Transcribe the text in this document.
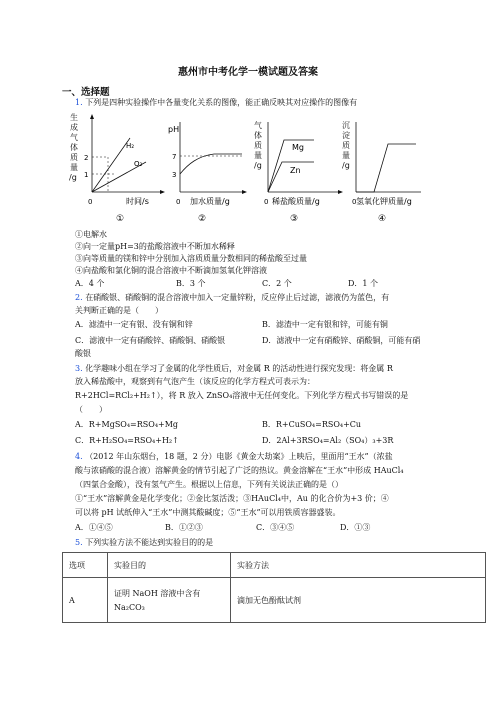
惠州市中考化学一模试题及答案
一、选择题
1. 下列是四种实验操作中各量变化关系的图像，能正确反映其对应操作的图像有
生
成
气
体
质
量
/g
2
1
H₂
O₂
0	时间/s
①
pH
7
3
0 加水质量/g
②
气
体
质
量
/g
Mg
Zn
0 稀盐酸质量/g
③
沉
淀
质
量
/g
0 氢氧化钾质量/g
④
①电解水
②向一定量pH=3的盐酸溶液中不断加水稀释
③向等质量的镁和锌中分别加入溶质质量分数相同的稀盐酸至过量
④向盐酸和氯化铜的混合溶液中不断滴加氢氧化钾溶液
A．4 个	B．3 个	C．2 个	D．1 个
2. 在硝酸银、硝酸铜的混合溶液中加入一定量锌粉，反应停止后过滤，滤液仍为蓝色，有
关判断正确的是（　　）
A．滤渣中一定有银、没有铜和锌	B．滤渣中一定有银和锌，可能有铜
C．滤液中一定有硝酸锌、硝酸铜、硝酸银	D．滤液中一定有硝酸锌、硝酸铜，可能有硝
酸银
3. 化学趣味小组在学习了金属的化学性质后，对金属 R 的活动性进行探究发现：将金属 R
放入稀盐酸中，观察到有气泡产生（该反应的化学方程式可表示为：
R+2HCl=RCl₂+H₂↑），将 R 放入 ZnSO₄溶液中无任何变化。下列化学方程式书写错误的是
（　　）
A．R+MgSO₄=RSO₄+Mg	B．R+CuSO₄=RSO₄+Cu
C．R+H₂SO₄=RSO₄+H₂↑	D．2Al+3RSO₄=Al₂（SO₄）₃+3R
4. （2012 年山东烟台，18 题，2 分）电影《黄金大劫案》上映后，里面用“王水”（浓盐
酸与浓硝酸的混合液）溶解黄金的情节引起了广泛的热议。黄金溶解在“王水”中形成 HAuCl₄
（四氯合金酸），没有氢气产生。根据以上信息，下列有关说法正确的是（）
①“王水”溶解黄金是化学变化；②金比氢活泼；③HAuCl₄中，Au 的化合价为+3 价；④
可以将 pH 试纸伸入“王水”中测其酸碱度；⑤“王水”可以用铁质容器盛装。
A．①④⑤	B．①②③	C．③④⑤	D．①③
5. 下列实验方法不能达到实验目的的是
选项	实验目的	实验方法
A	证明 NaOH 溶液中含有
Na₂CO₃	滴加无色酚酞试剂
